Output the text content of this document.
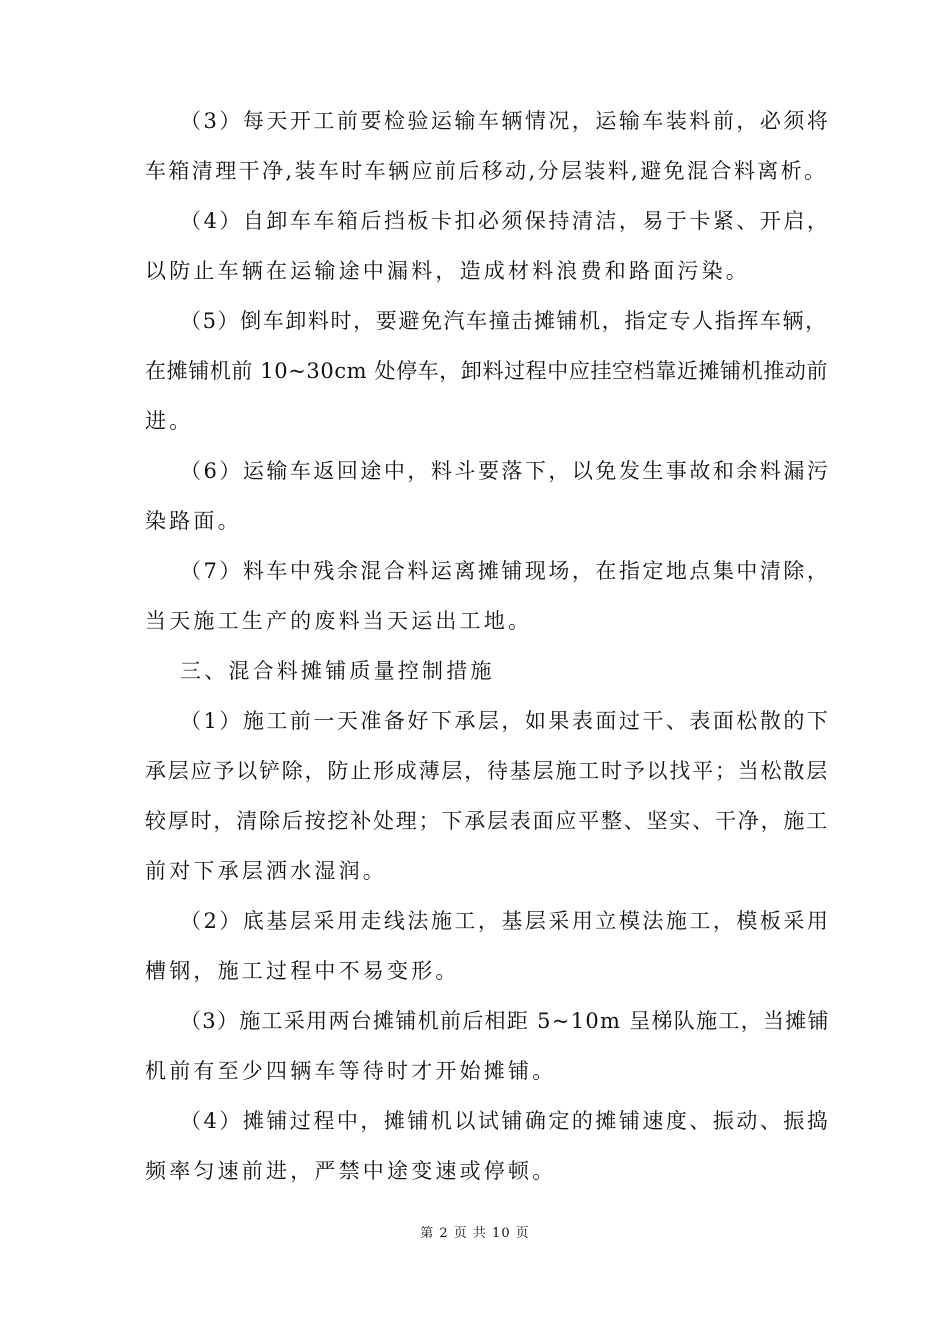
（3）每天开工前要检验运输车辆情况，运输车装料前，必须将
车箱清理干净,装车时车辆应前后移动,分层装料,避免混合料离析。
（4）自卸车车箱后挡板卡扣必须保持清洁，易于卡紧、开启，
以防止车辆在运输途中漏料，造成材料浪费和路面污染。
（5）倒车卸料时，要避免汽车撞击摊铺机，指定专人指挥车辆，
在摊铺机前 10~30cm 处停车，卸料过程中应挂空档靠近摊铺机推动前
进。
（6）运输车返回途中，料斗要落下，以免发生事故和余料漏污
染路面。
（7）料车中残余混合料运离摊铺现场，在指定地点集中清除，
当天施工生产的废料当天运出工地。
三、混合料摊铺质量控制措施
（1）施工前一天准备好下承层，如果表面过干、表面松散的下
承层应予以铲除，防止形成薄层，待基层施工时予以找平；当松散层
较厚时，清除后按挖补处理；下承层表面应平整、坚实、干净，施工
前对下承层洒水湿润。
（2）底基层采用走线法施工，基层采用立模法施工，模板采用
槽钢，施工过程中不易变形。
（3）施工采用两台摊铺机前后相距 5~10m 呈梯队施工，当摊铺
机前有至少四辆车等待时才开始摊铺。
（4）摊铺过程中，摊铺机以试铺确定的摊铺速度、振动、振捣
频率匀速前进，严禁中途变速或停顿。
第 2 页 共 10 页
